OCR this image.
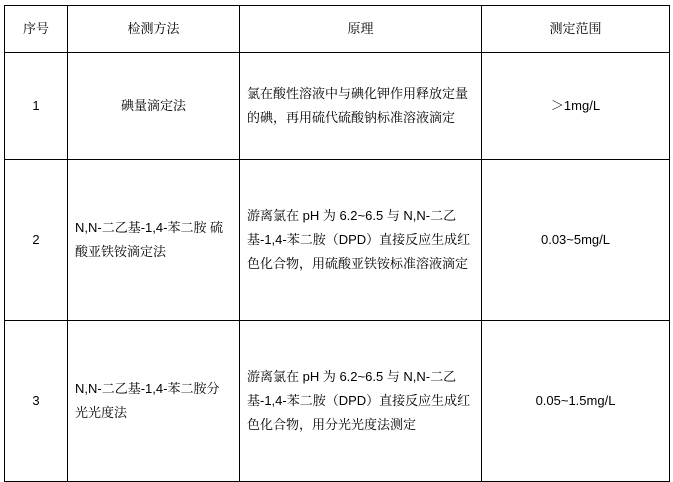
序号	检测方法	原理	测定范围
1	碘量滴定法	氯在酸性溶液中与碘化钾作用释放定量的碘，再用硫代硫酸钠标准溶液滴定	＞1mg/L
2	N,N-二乙基-1,4-苯二胺 硫酸亚铁铵滴定法	游离氯在 pH 为 6.2~6.5 与 N,N-二乙基-1,4-苯二胺（DPD）直接反应生成红色化合物，用硫酸亚铁铵标准溶液滴定	0.03~5mg/L
3	N,N-二乙基-1,4-苯二胺分光光度法	游离氯在 pH 为 6.2~6.5 与 N,N-二乙基-1,4-苯二胺（DPD）直接反应生成红色化合物，用分光光度法测定	0.05~1.5mg/L
